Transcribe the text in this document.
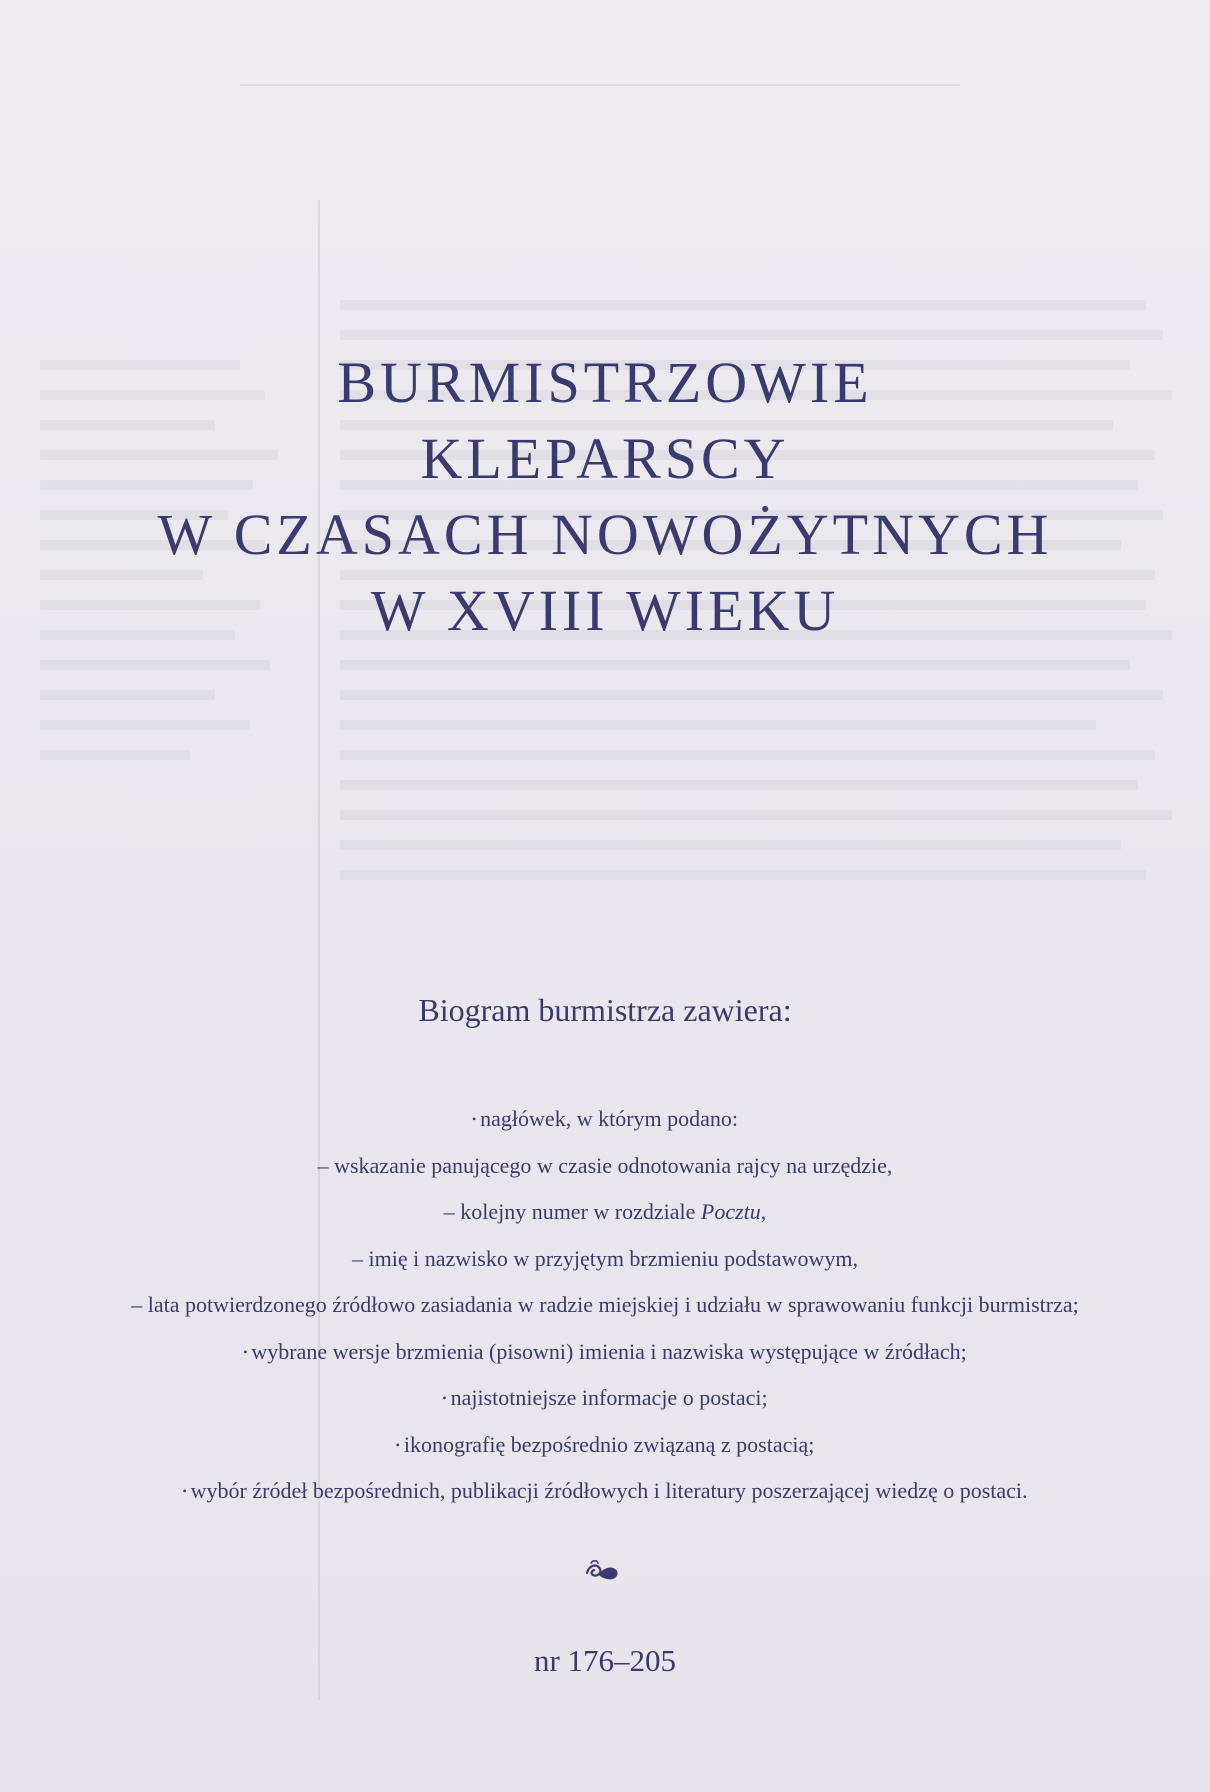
BURMISTRZOWIE
KLEPARSCY
W CZASACH NOWOŻYTNYCH
W XVIII WIEKU
Biogram burmistrza zawiera:
• nagłówek, w którym podano:
– wskazanie panującego w czasie odnotowania rajcy na urzędzie,
– kolejny numer w rozdziale Pocztu,
– imię i nazwisko w przyjętym brzmieniu podstawowym,
– lata potwierdzonego źródłowo zasiadania w radzie miejskiej i udziału w sprawowaniu funkcji burmistrza;
• wybrane wersje brzmienia (pisowni) imienia i nazwiska występujące w źródłach;
• najistotniejsze informacje o postaci;
• ikonografię bezpośrednio związaną z postacią;
• wybór źródeł bezpośrednich, publikacji źródłowych i literatury poszerzającej wiedzę o postaci.
nr 176–205
